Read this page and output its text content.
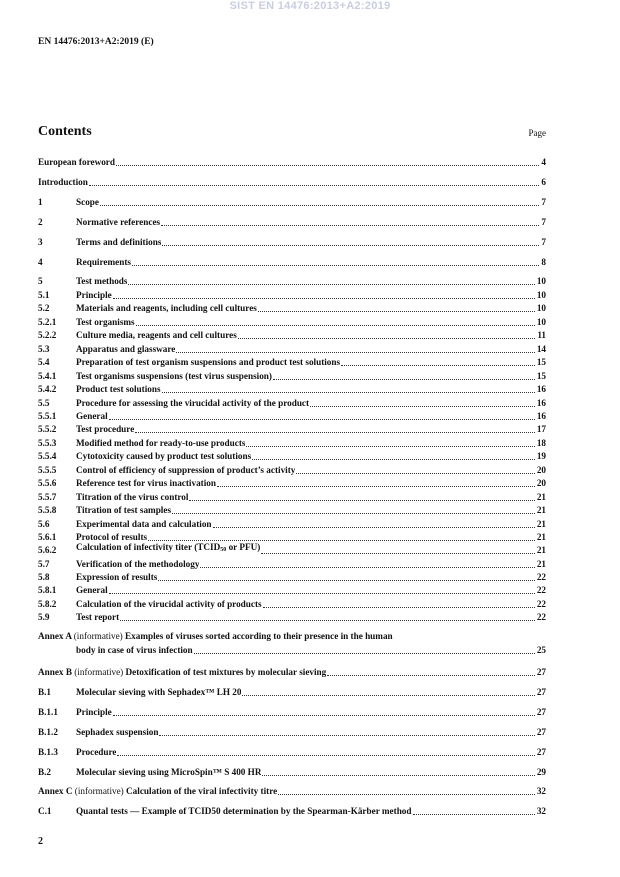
SIST EN 14476:2013+A2:2019
EN 14476:2013+A2:2019 (E)
Contents	Page
European foreword	4
Introduction	6
1	Scope	7
2	Normative references	7
3	Terms and definitions	7
4	Requirements	8
5	Test methods	10
5.1	Principle	10
5.2	Materials and reagents, including cell cultures	10
5.2.1	Test organisms	10
5.2.2	Culture media, reagents and cell cultures	11
5.3	Apparatus and glassware	14
5.4	Preparation of test organism suspensions and product test solutions	15
5.4.1	Test organisms suspensions (test virus suspension)	15
5.4.2	Product test solutions	16
5.5	Procedure for assessing the virucidal activity of the product	16
5.5.1	General	16
5.5.2	Test procedure	17
5.5.3	Modified method for ready-to-use products	18
5.5.4	Cytotoxicity caused by product test solutions	19
5.5.5	Control of efficiency of suppression of product’s activity	20
5.5.6	Reference test for virus inactivation	20
5.5.7	Titration of the virus control	21
5.5.8	Titration of test samples	21
5.6	Experimental data and calculation	21
5.6.1	Protocol of results	21
5.6.2	Calculation of infectivity titer ($TCID_{50}$ or PFU)	21
5.7	Verification of the methodology	21
5.8	Expression of results	22
5.8.1	General	22
5.8.2	Calculation of the virucidal activity of products	22
5.9	Test report	22
Annex A (informative) Examples of viruses sorted according to their presence in the human
body in case of virus infection	25
Annex B (informative) Detoxification of test mixtures by molecular sieving	27
B.1	Molecular sieving with Sephadex™ LH 20	27
B.1.1	Principle	27
B.1.2	Sephadex suspension	27
B.1.3	Procedure	27
B.2	Molecular sieving using MicroSpin™ S 400 HR	29
Annex C (informative) Calculation of the viral infectivity titre	32
C.1	Quantal tests — Example of TCID50 determination by the Spearman-Kärber method	32
2
